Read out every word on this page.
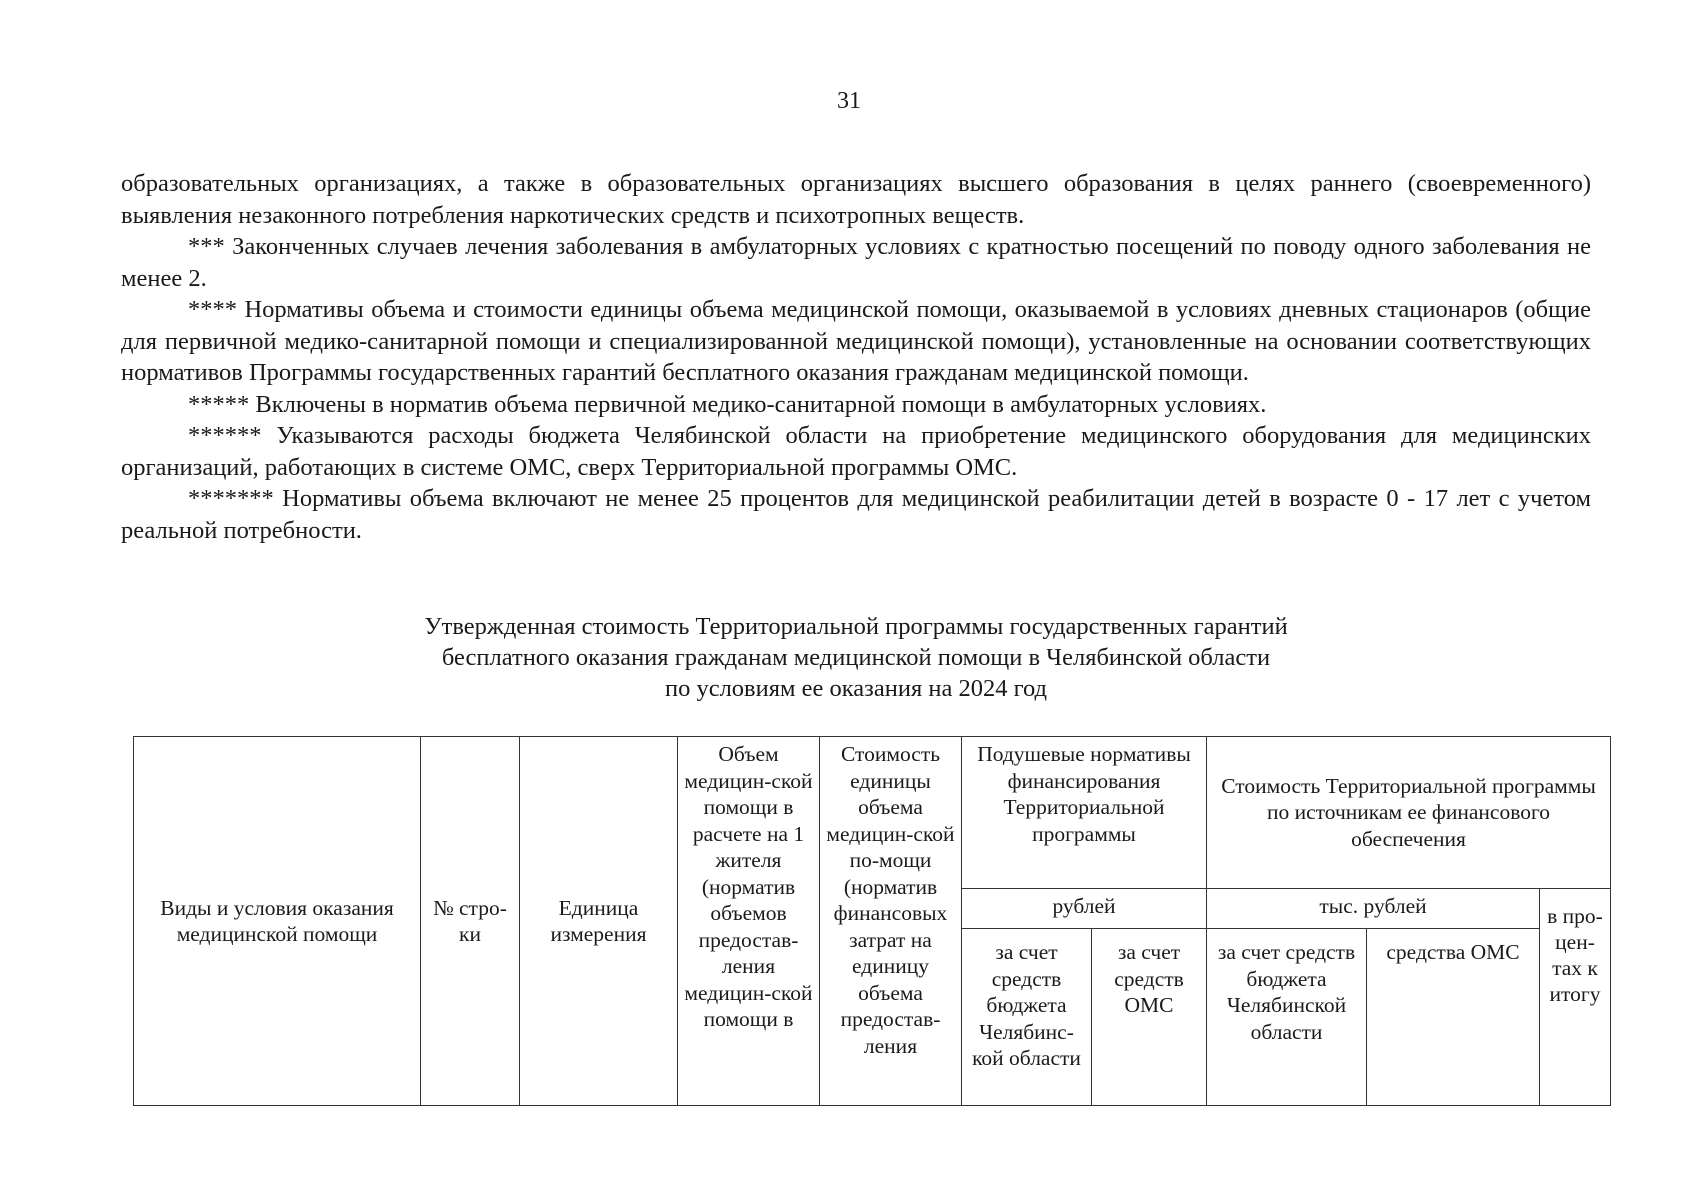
31

образовательных организациях, а также в образовательных организациях высшего образования в целях раннего (своевременного) выявления незаконного потребления наркотических средств и психотропных веществ.

*** Законченных случаев лечения заболевания в амбулаторных условиях с кратностью посещений по поводу одного заболевания не менее 2.

**** Нормативы объема и стоимости единицы объема медицинской помощи, оказываемой в условиях дневных стационаров (общие для первичной медико-санитарной помощи и специализированной медицинской помощи), установленные на основании соответствующих нормативов Программы государственных гарантий бесплатного оказания гражданам медицинской помощи.

***** Включены в норматив объема первичной медико-санитарной помощи в амбулаторных условиях.

****** Указываются расходы бюджета Челябинской области на приобретение медицинского оборудования для медицинских организаций, работающих в системе ОМС, сверх Территориальной программы ОМС.

******* Нормативы объема включают не менее 25 процентов для медицинской реабилитации детей в возрасте 0 - 17 лет с учетом реальной потребности.

Утвержденная стоимость Территориальной программы государственных гарантий
бесплатного оказания гражданам медицинской помощи в Челябинской области
по условиям ее оказания на 2024 год
Виды и условия оказания медицинской помощи	№ стро-ки	Единица измерения	Объем медицин-ской помощи в расчете на 1 жителя (норматив объемов предостав-ления медицин-ской помощи в	Стоимость единицы объема медицин-ской по-мощи (норматив финансовых затрат на единицу объема предостав-ления	Подушевые нормативы финансирования Территориальной программы		Стоимость Территориальной программы по источникам ее финансового обеспечения		

					рублей		тыс. рублей		в про-цен-тах к итогу

					за счет средств бюджета Челябинс-кой области	за счет средств ОМС	за счет средств бюджета Челябинской области	средства ОМС	
